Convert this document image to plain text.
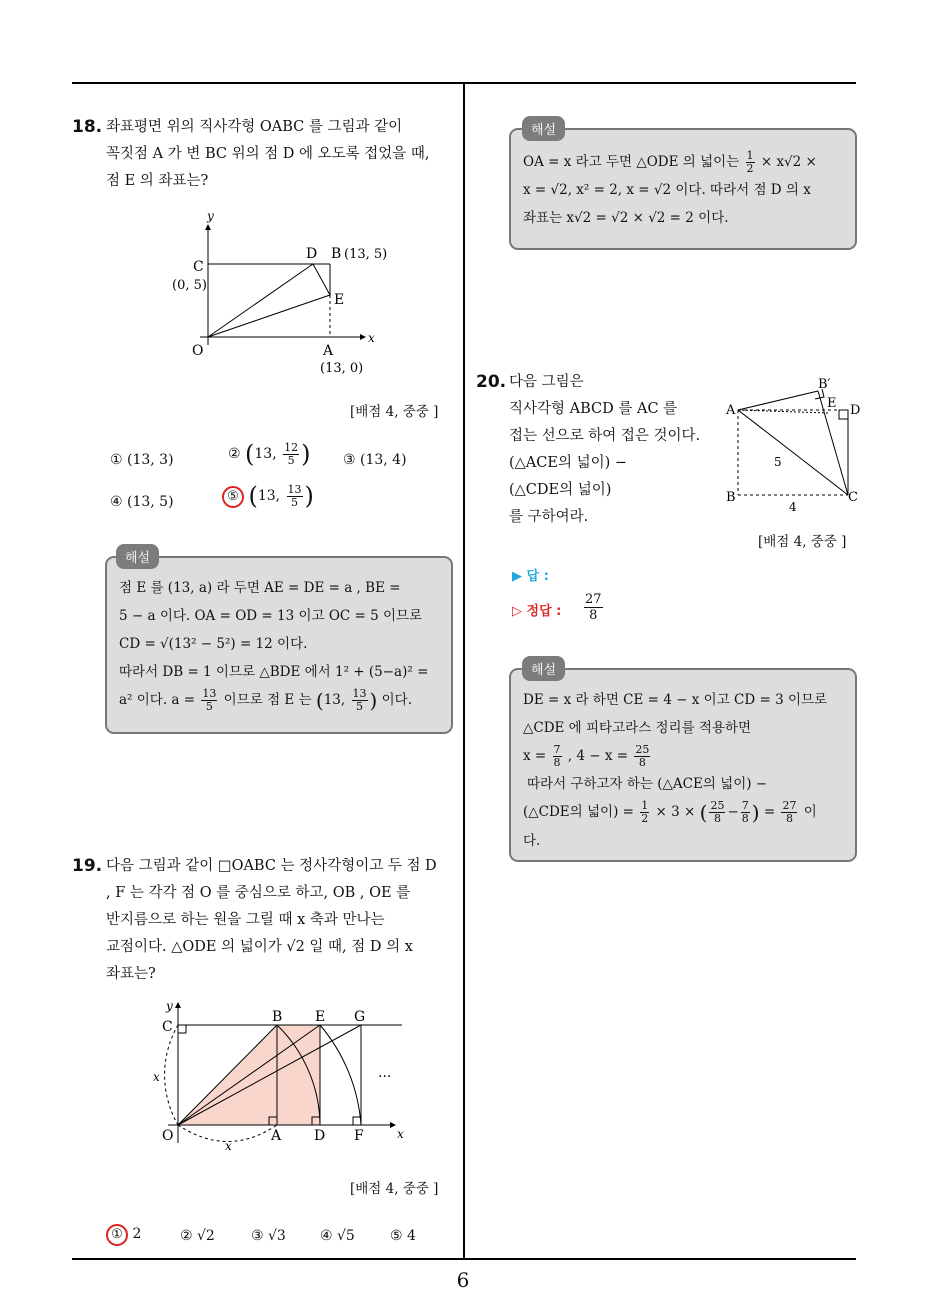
18. 좌표평면 위의 직사각형 OABC 를 그림과 같이
꼭짓점 A 가 변 BC 위의 점 D 에 오도록 접었을 때,
점 E 의 좌표는?
y
x
C
(0, 5)
D B (13, 5)
E
O	A
(13, 0)
[배점 4, 중중 ]
① (13, 3)	② (13, $\frac{12}{5}$ ) ③ (13, 4)
④ (13, 5)	⑤ (13, $\frac{13}{5}$ )
점 E 를 (13, a) 라 두면 AE = DE = a , BE =
5 − a 이다. OA = OD = 13 이고 OC = 5 이므로
CD = √(13² − 5²) = 12 이다.
따라서 DB = 1 이므로 △BDE 에서 1² + (5−a)² =
a² 이다. $a = \frac{13}{5}$ 이므로 점 E 는 (13, $\frac{13}{5}$ ) 이다.
해설
19. 다음 그림과 같이 □OABC 는 정사각형이고 두 점 D
, F 는 각각 점 O 를 중심으로 하고, OB , OE 를
반지름으로 하는 원을 그릴 때 x 축과 만나는
교점이다. △ODE 의 넓이가 √2 일 때, 점 D 의 x
좌표는?
y
x
C
B E G
O	A D F
x
x
···
[배점 4, 중중 ]
① 2	② √2	③ √3 ④ √5	⑤ 4
OA = x 라고 두면 △ODE 의 넓이는 $\frac{1}{2} \times x√2$ ×
x = √2, x² = 2, x = √2 이다. 따라서 점 D 의 x
좌표는 x√2 = √2 × √2 = 2 이다.
해설
20. 다음 그림은
직사각형 ABCD 를 AC 를
접는 선으로 하여 접은 것이다.
(△ACE의 넓이) −
(△CDE의 넓이)
를 구하여라.
B′
A	E D
B	C
5
4
[배점 4, 중중 ]
▶ 답 :
▷ 정답 : $\frac{27}{8}$
DE = x 라 하면 CE = 4 − x 이고 CD = 3 이므로
△CDE 에 피타고라스 정리를 적용하면
$x = \frac{7}{8}$ , $4 - x = \frac{25}{8}$
따라서 구하고자 하는 (△ACE의 넓이) −
(△CDE의 넓이) = $\frac{1}{2} \times 3$ × ( $\frac{25}{8} - \frac{7}{8}$ ) = $\frac{27}{8}$ 이
다.
해설
6
